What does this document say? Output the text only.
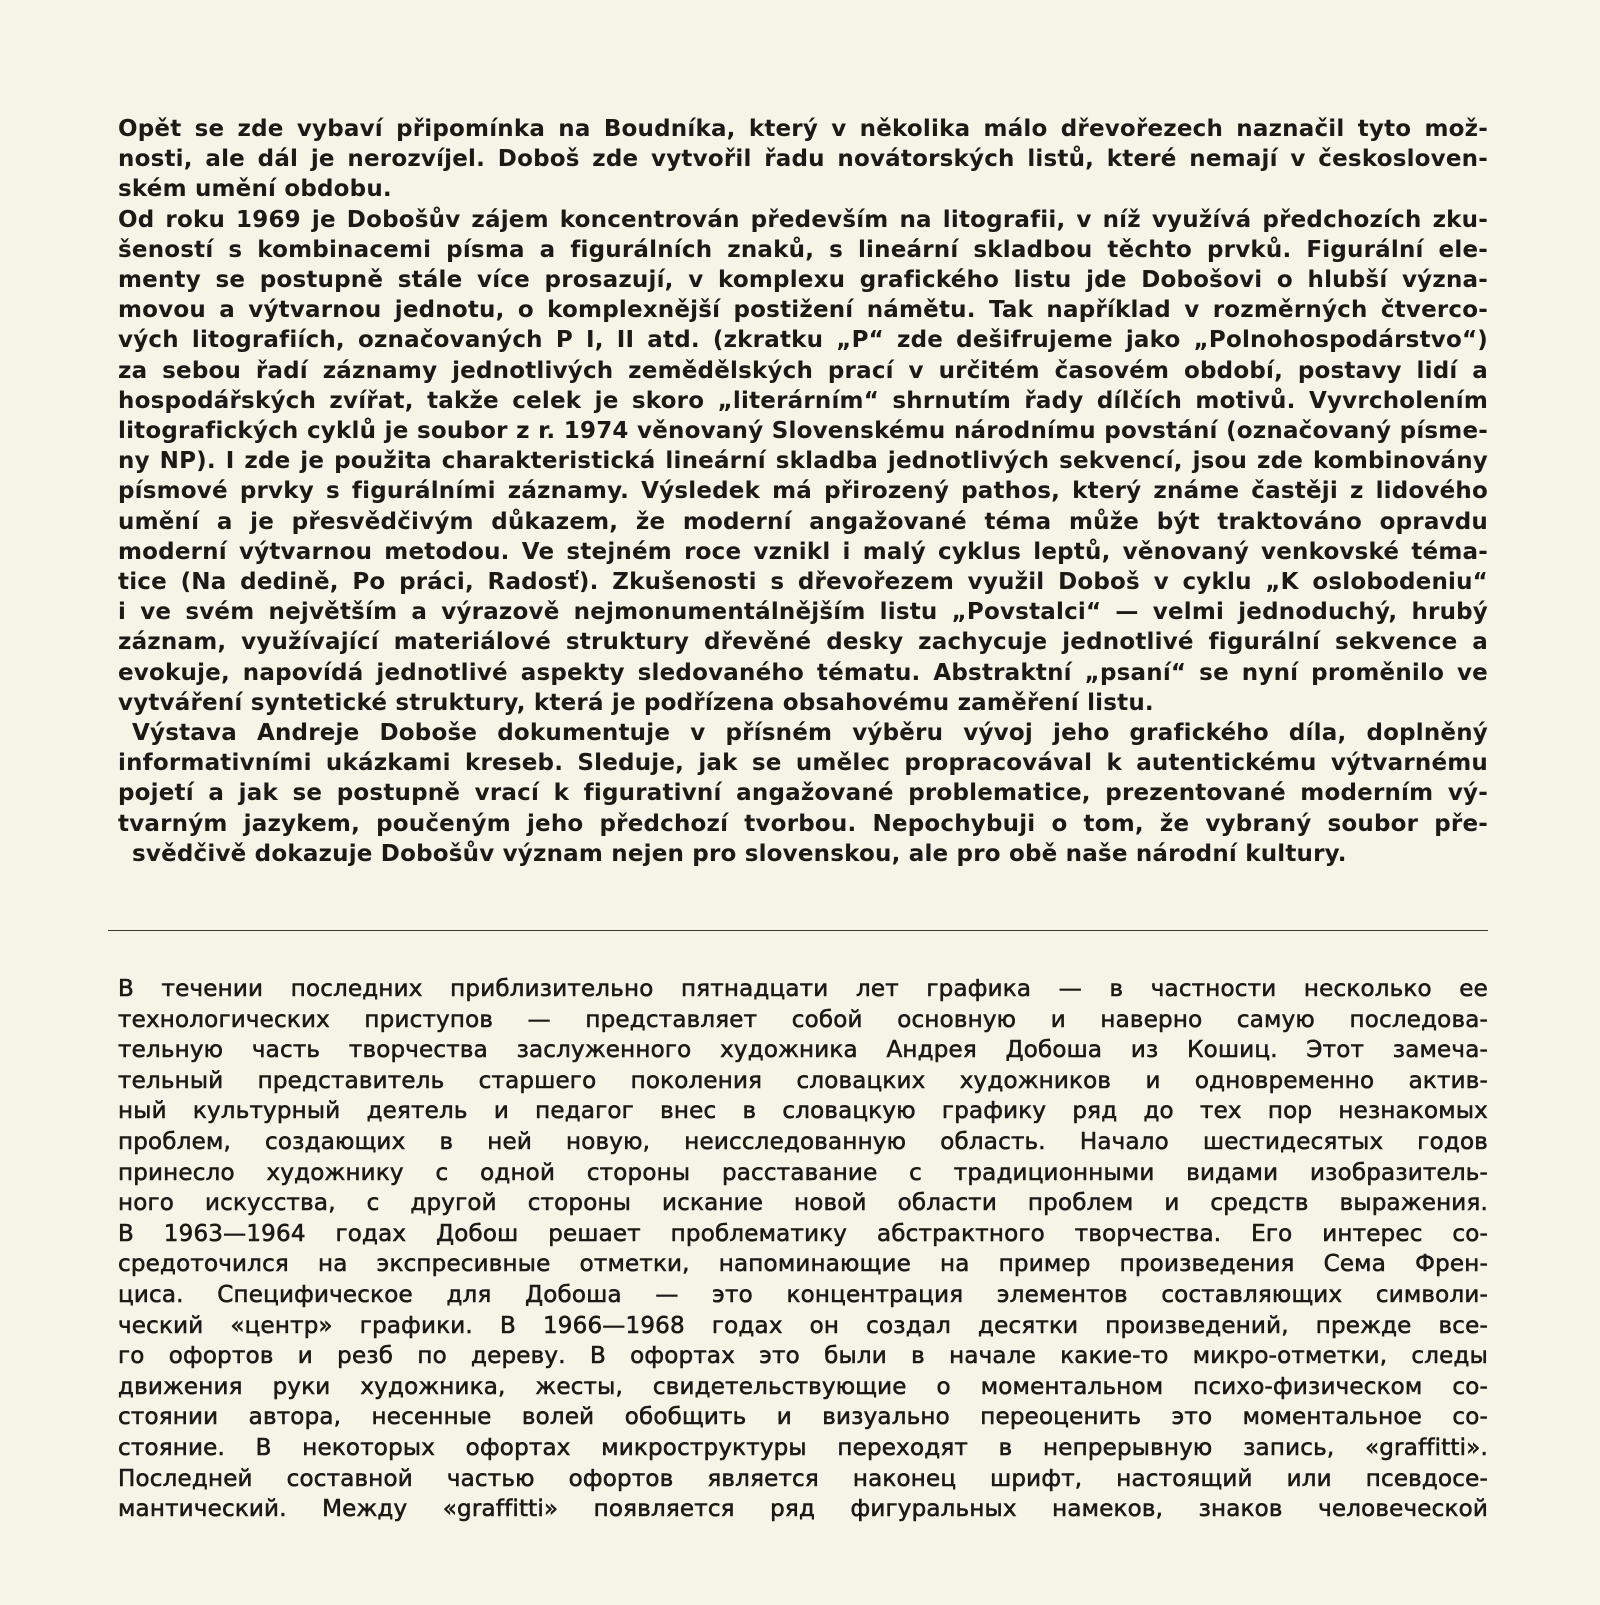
Opět se zde vybaví připomínka na Boudníka, který v několika málo dřevořezech naznačil tyto mož-
nosti, ale dál je nerozvíjel. Doboš zde vytvořil řadu novátorských listů, které nemají v českosloven-
ském umění obdobu.
Od roku 1969 je Dobošův zájem koncentrován především na litografii, v níž využívá předchozích zku-
šeností s kombinacemi písma a figurálních znaků, s lineární skladbou těchto prvků. Figurální ele-
menty se postupně stále více prosazují, v komplexu grafického listu jde Dobošovi o hlubší význa-
movou a výtvarnou jednotu, o komplexnější postižení námětu. Tak například v rozměrných čtverco-
vých litografiích, označovaných P I, II atd. (zkratku „P“ zde dešifrujeme jako „Polnohospodárstvo“)
za sebou řadí záznamy jednotlivých zemědělských prací v určitém časovém období, postavy lidí a
hospodářských zvířat, takže celek je skoro „literárním“ shrnutím řady dílčích motivů. Vyvrcholením
litografických cyklů je soubor z r. 1974 věnovaný Slovenskému národnímu povstání (označovaný písme-
ny NP). I zde je použita charakteristická lineární skladba jednotlivých sekvencí, jsou zde kombinovány
písmové prvky s figurálními záznamy. Výsledek má přirozený pathos, který známe častěji z lidového
umění a je přesvědčivým důkazem, že moderní angažované téma může být traktováno opravdu
moderní výtvarnou metodou. Ve stejném roce vznikl i malý cyklus leptů, věnovaný venkovské téma-
tice (Na dedině, Po práci, Radosť). Zkušenosti s dřevořezem využil Doboš v cyklu „K oslobodeniu“
i ve svém největším a výrazově nejmonumentálnějším listu „Povstalci“ — velmi jednoduchý, hrubý
záznam, využívající materiálové struktury dřevěné desky zachycuje jednotlivé figurální sekvence a
evokuje, napovídá jednotlivé aspekty sledovaného tématu. Abstraktní „psaní“ se nyní proměnilo ve
vytváření syntetické struktury, která je podřízena obsahovému zaměření listu.
Výstava Andreje Doboše dokumentuje v přísném výběru vývoj jeho grafického díla, doplněný
informativními ukázkami kreseb. Sleduje, jak se umělec propracovával k autentickému výtvarnému
pojetí a jak se postupně vrací k figurativní angažované problematice, prezentované moderním vý-
tvarným jazykem, poučeným jeho předchozí tvorbou. Nepochybuji o tom, že vybraný soubor pře-
svědčivě dokazuje Dobošův význam nejen pro slovenskou, ale pro obě naše národní kultury.
В течении последних приблизительно пятнадцати лет графика — в частности несколько ее
технологических приступов — представляет собой основную и наверно самую последова-
тельную часть творчества заслуженного художника Андрея Добоша из Кошиц. Этот замеча-
тельный представитель старшего поколения словацких художников и одновременно актив-
ный культурный деятель и педагог внес в словацкую графику ряд до тех пор незнакомых
проблем, создающих в ней новую, неисследованную область. Начало шестидесятых годов
принесло художнику с одной стороны расставание с традиционными видами изобразитель-
ного искусства, с другой стороны искание новой области проблем и средств выражения.
В 1963—1964 годах Добош решает проблематику абстрактного творчества. Его интерес со-
средоточился на экспресивные отметки, напоминающие на пример произведения Сема Френ-
циса. Специфическое для Добоша — это концентрация элементов составляющих символи-
ческий «центр» графики. В 1966—1968 годах он создал десятки произведений, прежде все-
го офортов и резб по дереву. В офортах это были в начале какие-то микро-отметки, следы
движения руки художника, жесты, свидетельствующие о моментальном психо-физическом со-
стоянии автора, несенные волей обобщить и визуально переоценить это моментальное со-
стояние. В некоторых офортах микроструктуры переходят в непрерывную запись, «graffitti».
Последней составной частью офортов является наконец шрифт, настоящий или псевдосе-
мантический. Между «graffitti» появляется ряд фигуральных намеков, знаков человеческой
